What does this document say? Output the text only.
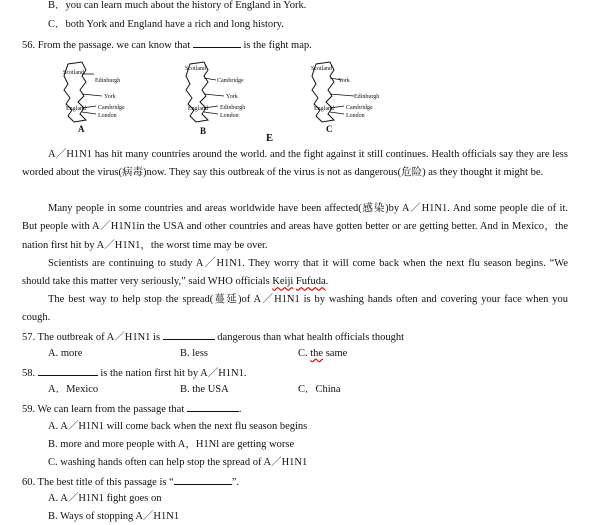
B．you can learn much about the history of England in York.
C．both York and England have a rich and long history.
56. From the passage. we can know that	is the fight map.
Scotland
Edinburgh
York
England Cambridge
London
A
Scotland
Cambridge
York
England Edinburgh
London
B
Scotland
York
Edinburgh
England Cambridge
London
C
E
A／H1N1 has hit many countries around the world. and the fight against it still continues. Health officials say they are less worded about the virus(病毒)now. They say this outbreak of the virus is not as dangerous(危险) as they thought it might be.
Many people in some countries and areas worldwide have been affected(感染)by A／H1N1. And some people die of it. But people with A／H1N1in the USA and other countries and areas have gotten better or are getting better. And in Mexico，the nation first hit by A／H1N1，the worst time may be over.
Scientists are continuing to study A／H1N1. They worry that it will come back when the next flu season begins. “We should take this matter very seriously,” said WHO officials Keiji Fufuda.
The best way to help stop the spread(蔓延)of A／H1N1 is by washing hands often and covering your face when you cough.
57. The outbreak of A／H1N1 is	dangerous than what health officials thought
A. more	B. less	C. the same
58.	is the nation first hit by A／H1N1.
A．Mexico	B. the USA	C．China
59. We can learn from the passage that	.
A. A／H1N1 will come back when the next flu season begins
B. more and more people with A，H1Nl are getting worse
C. washing hands often can help stop the spread of A／H1N1
60. The best title of this passage is “	”.
A. A／H1N1 fight goes on
B. Ways of stopping A／H1N1
